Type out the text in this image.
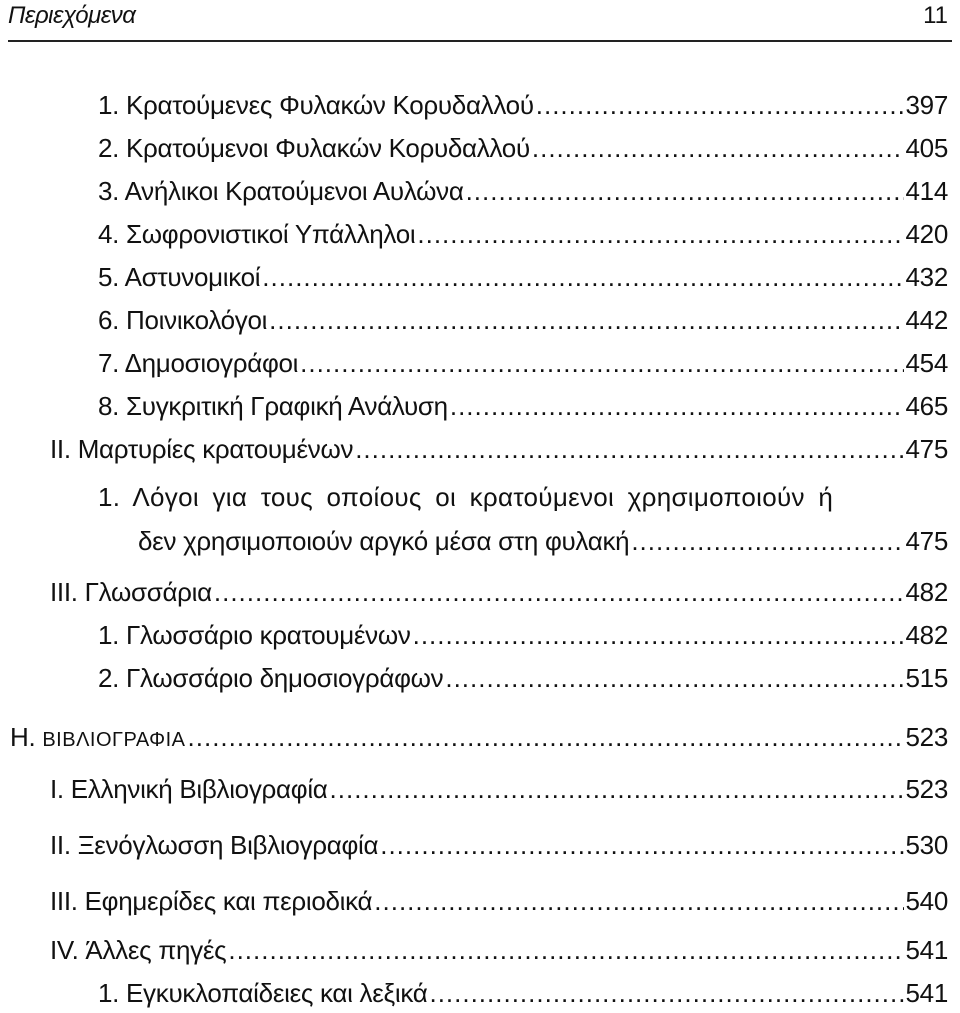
Περιεχόμενα	11
1. Κρατούμενες Φυλακών Κορυδαλλού .....	397
2. Κρατούμενοι Φυλακών Κορυδαλλού .....	405
3. Ανήλικοι Κρατούμενοι Αυλώνα .....	414
4. Σωφρονιστικοί Υπάλληλοι .....	420
5. Αστυνομικοί .....	432
6. Ποινικολόγοι .....	442
7. Δημοσιογράφοι .....	454
8. Συγκριτική Γραφική Ανάλυση .....	465
ΙΙ. Μαρτυρίες κρατουμένων .....	475
1. Λόγοι για τους οποίους οι κρατούμενοι χρησιμοποιούν ή
δεν χρησιμοποιούν αργκό μέσα στη φυλακή .....	475
ΙΙΙ. Γλωσσάρια .....	482
1. Γλωσσάριο κρατουμένων .....	482
2. Γλωσσάριο δημοσιογράφων .....	515
Η. ΒΙΒΛΙΟΓΡΑΦΙΑ .....	523
Ι. Ελληνική Βιβλιογραφία .....	523
ΙΙ. Ξενόγλωσση Βιβλιογραφία .....	530
ΙΙΙ. Εφημερίδες και περιοδικά .....	540
ΙV. Άλλες πηγές .....	541
1. Εγκυκλοπαίδειες και λεξικά .....	541
